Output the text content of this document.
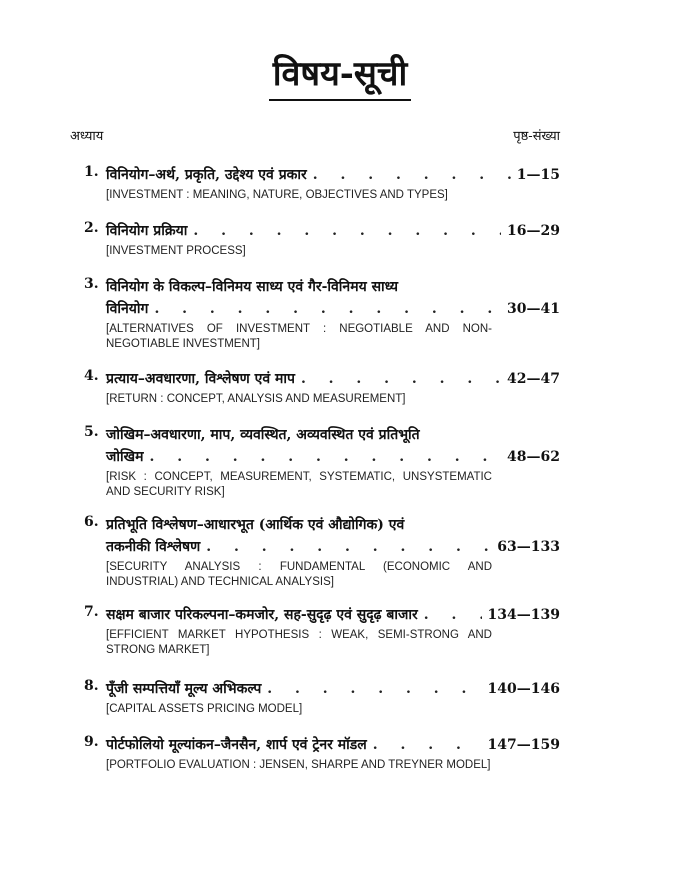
विषय-सूची
अध्याय	पृष्ठ-संख्या
1. विनियोग–अर्थ, प्रकृति, उद्देश्य एवं प्रकार . . .	1—15
[INVESTMENT : MEANING, NATURE, OBJECTIVES AND TYPES]
2. विनियोग प्रक्रिया . . .	16—29
[INVESTMENT PROCESS]
3. विनियोग के विकल्प–विनिमय साध्य एवं गैर-विनिमय साध्य
विनियोग . . .	30—41
[ALTERNATIVES OF INVESTMENT : NEGOTIABLE AND NON-NEGOTIABLE INVESTMENT]
4. प्रत्याय–अवधारणा, विश्लेषण एवं माप . . .	42—47
[RETURN : CONCEPT, ANALYSIS AND MEASUREMENT]
5. जोखिम–अवधारणा, माप, व्यवस्थित, अव्यवस्थित एवं प्रतिभूति
जोखिम . . .	48—62
[RISK : CONCEPT, MEASUREMENT, SYSTEMATIC, UNSYSTEMATIC AND SECURITY RISK]
6. प्रतिभूति विश्लेषण–आधारभूत (आर्थिक एवं औद्योगिक) एवं
तकनीकी विश्लेषण . . .	63—133
[SECURITY ANALYSIS : FUNDAMENTAL (ECONOMIC AND INDUSTRIAL) AND TECHNICAL ANALYSIS]
7. सक्षम बाजार परिकल्पना–कमजोर, सह-सुदृढ़ एवं सुदृढ़ बाजार . . .	134—139
[EFFICIENT MARKET HYPOTHESIS : WEAK, SEMI-STRONG AND STRONG MARKET]
8. पूँजी सम्पत्तियाँ मूल्य अभिकल्प . . .	140—146
[CAPITAL ASSETS PRICING MODEL]
9. पोर्टफोलियो मूल्यांकन–जैनसैन, शार्प एवं ट्रेनर मॉडल . . .	147—159
[PORTFOLIO EVALUATION : JENSEN, SHARPE AND TREYNER MODEL]
